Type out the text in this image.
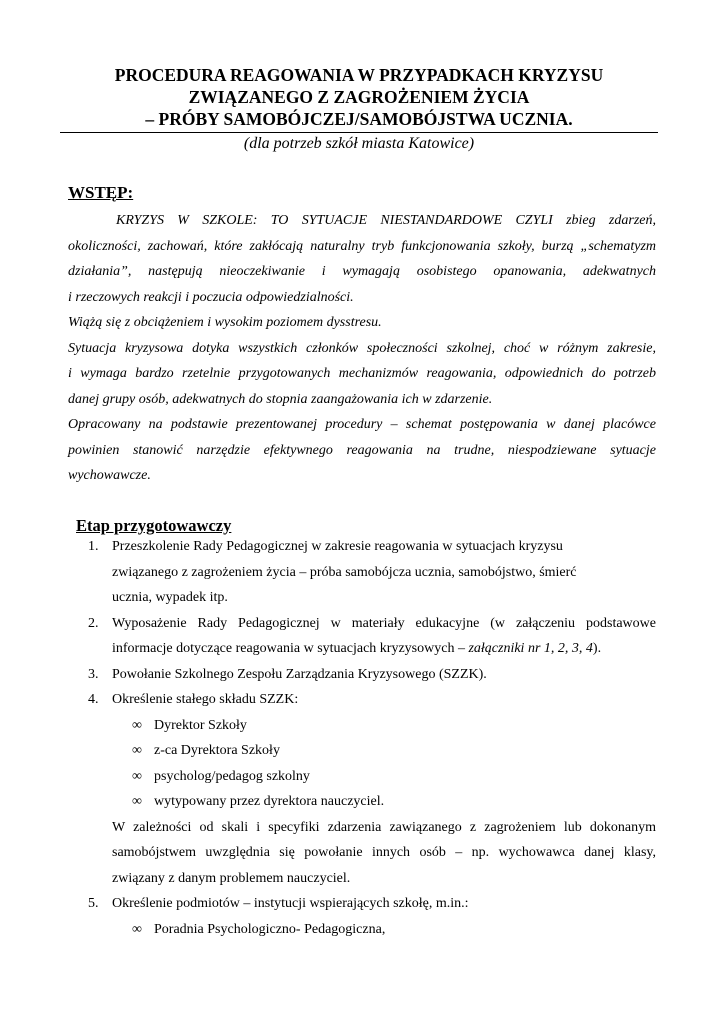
PROCEDURA REAGOWANIA W PRZYPADKACH KRYZYSU
ZWIĄZANEGO Z ZAGROŻENIEM ŻYCIA
– PRÓBY SAMOBÓJCZEJ/SAMOBÓJSTWA UCZNIA.
(dla potrzeb szkół miasta Katowice)
WSTĘP:

KRYZYS W SZKOLE: TO SYTUACJE NIESTANDARDOWE CZYLI zbieg zdarzeń,

okoliczności, zachowań, które zakłócają naturalny tryb funkcjonowania szkoły, burzą „schematyzm

działania”, następują nieoczekiwanie i wymagają osobistego opanowania, adekwatnych

i rzeczowych reakcji i poczucia odpowiedzialności.

Wiążą się z obciążeniem i wysokim poziomem dysstresu.

Sytuacja kryzysowa dotyka wszystkich członków społeczności szkolnej, choć w różnym zakresie,

i wymaga bardzo rzetelnie przygotowanych mechanizmów reagowania, odpowiednich do potrzeb

danej grupy osób, adekwatnych do stopnia zaangażowania ich w zdarzenie.

Opracowany na podstawie prezentowanej procedury – schemat postępowania w danej placówce

powinien stanowić narzędzie efektywnego reagowania na trudne, niespodziewane sytuacje

wychowawcze.

Etap przygotowawczy
1. Przeszkolenie Rady Pedagogicznej w zakresie reagowania w sytuacjach kryzysu

związanego z zagrożeniem życia – próba samobójcza ucznia, samobójstwo, śmierć

ucznia, wypadek itp.

2. Wyposażenie Rady Pedagogicznej w materiały edukacyjne (w załączeniu podstawowe

informacje dotyczące reagowania w sytuacjach kryzysowych – załączniki nr 1, 2, 3, 4).

3. Powołanie Szkolnego Zespołu Zarządzania Kryzysowego (SZZK).

4. Określenie stałego składu SZZK:

∞ Dyrektor Szkoły
∞ z-ca Dyrektora Szkoły
∞ psycholog/pedagog szkolny
∞ wytypowany przez dyrektora nauczyciel.

W zależności od skali i specyfiki zdarzenia zawiązanego z zagrożeniem lub dokonanym

samobójstwem uwzględnia się powołanie innych osób – np. wychowawca danej klasy,

związany z danym problemem nauczyciel.

5. Określenie podmiotów – instytucji wspierających szkołę, m.in.:

∞ Poradnia Psychologiczno- Pedagogiczna,
